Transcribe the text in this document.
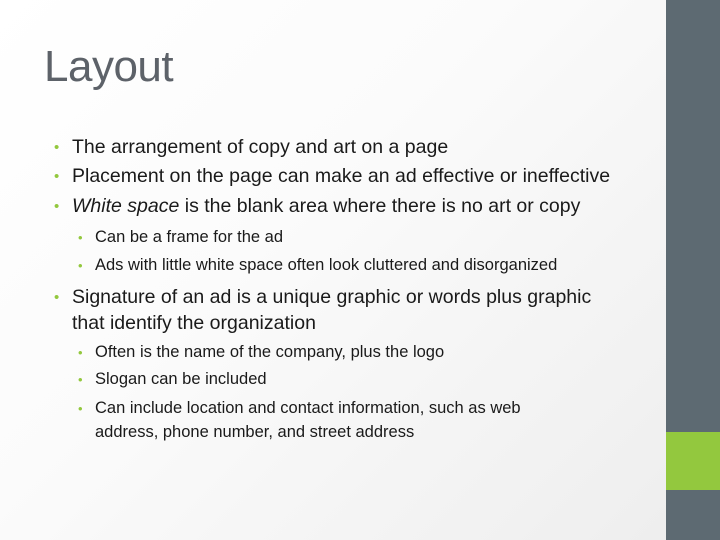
Layout
• The arrangement of copy and art on a page
• Placement on the page can make an ad effective or ineffective
• White space is the blank area where there is no art or copy
• Can be a frame for the ad
• Ads with little white space often look cluttered and disorganized
• Signature of an ad is a unique graphic or words plus graphic
that identify the organization
• Often is the name of the company, plus the logo
• Slogan can be included
• Can include location and contact information, such as web
address, phone number, and street address
